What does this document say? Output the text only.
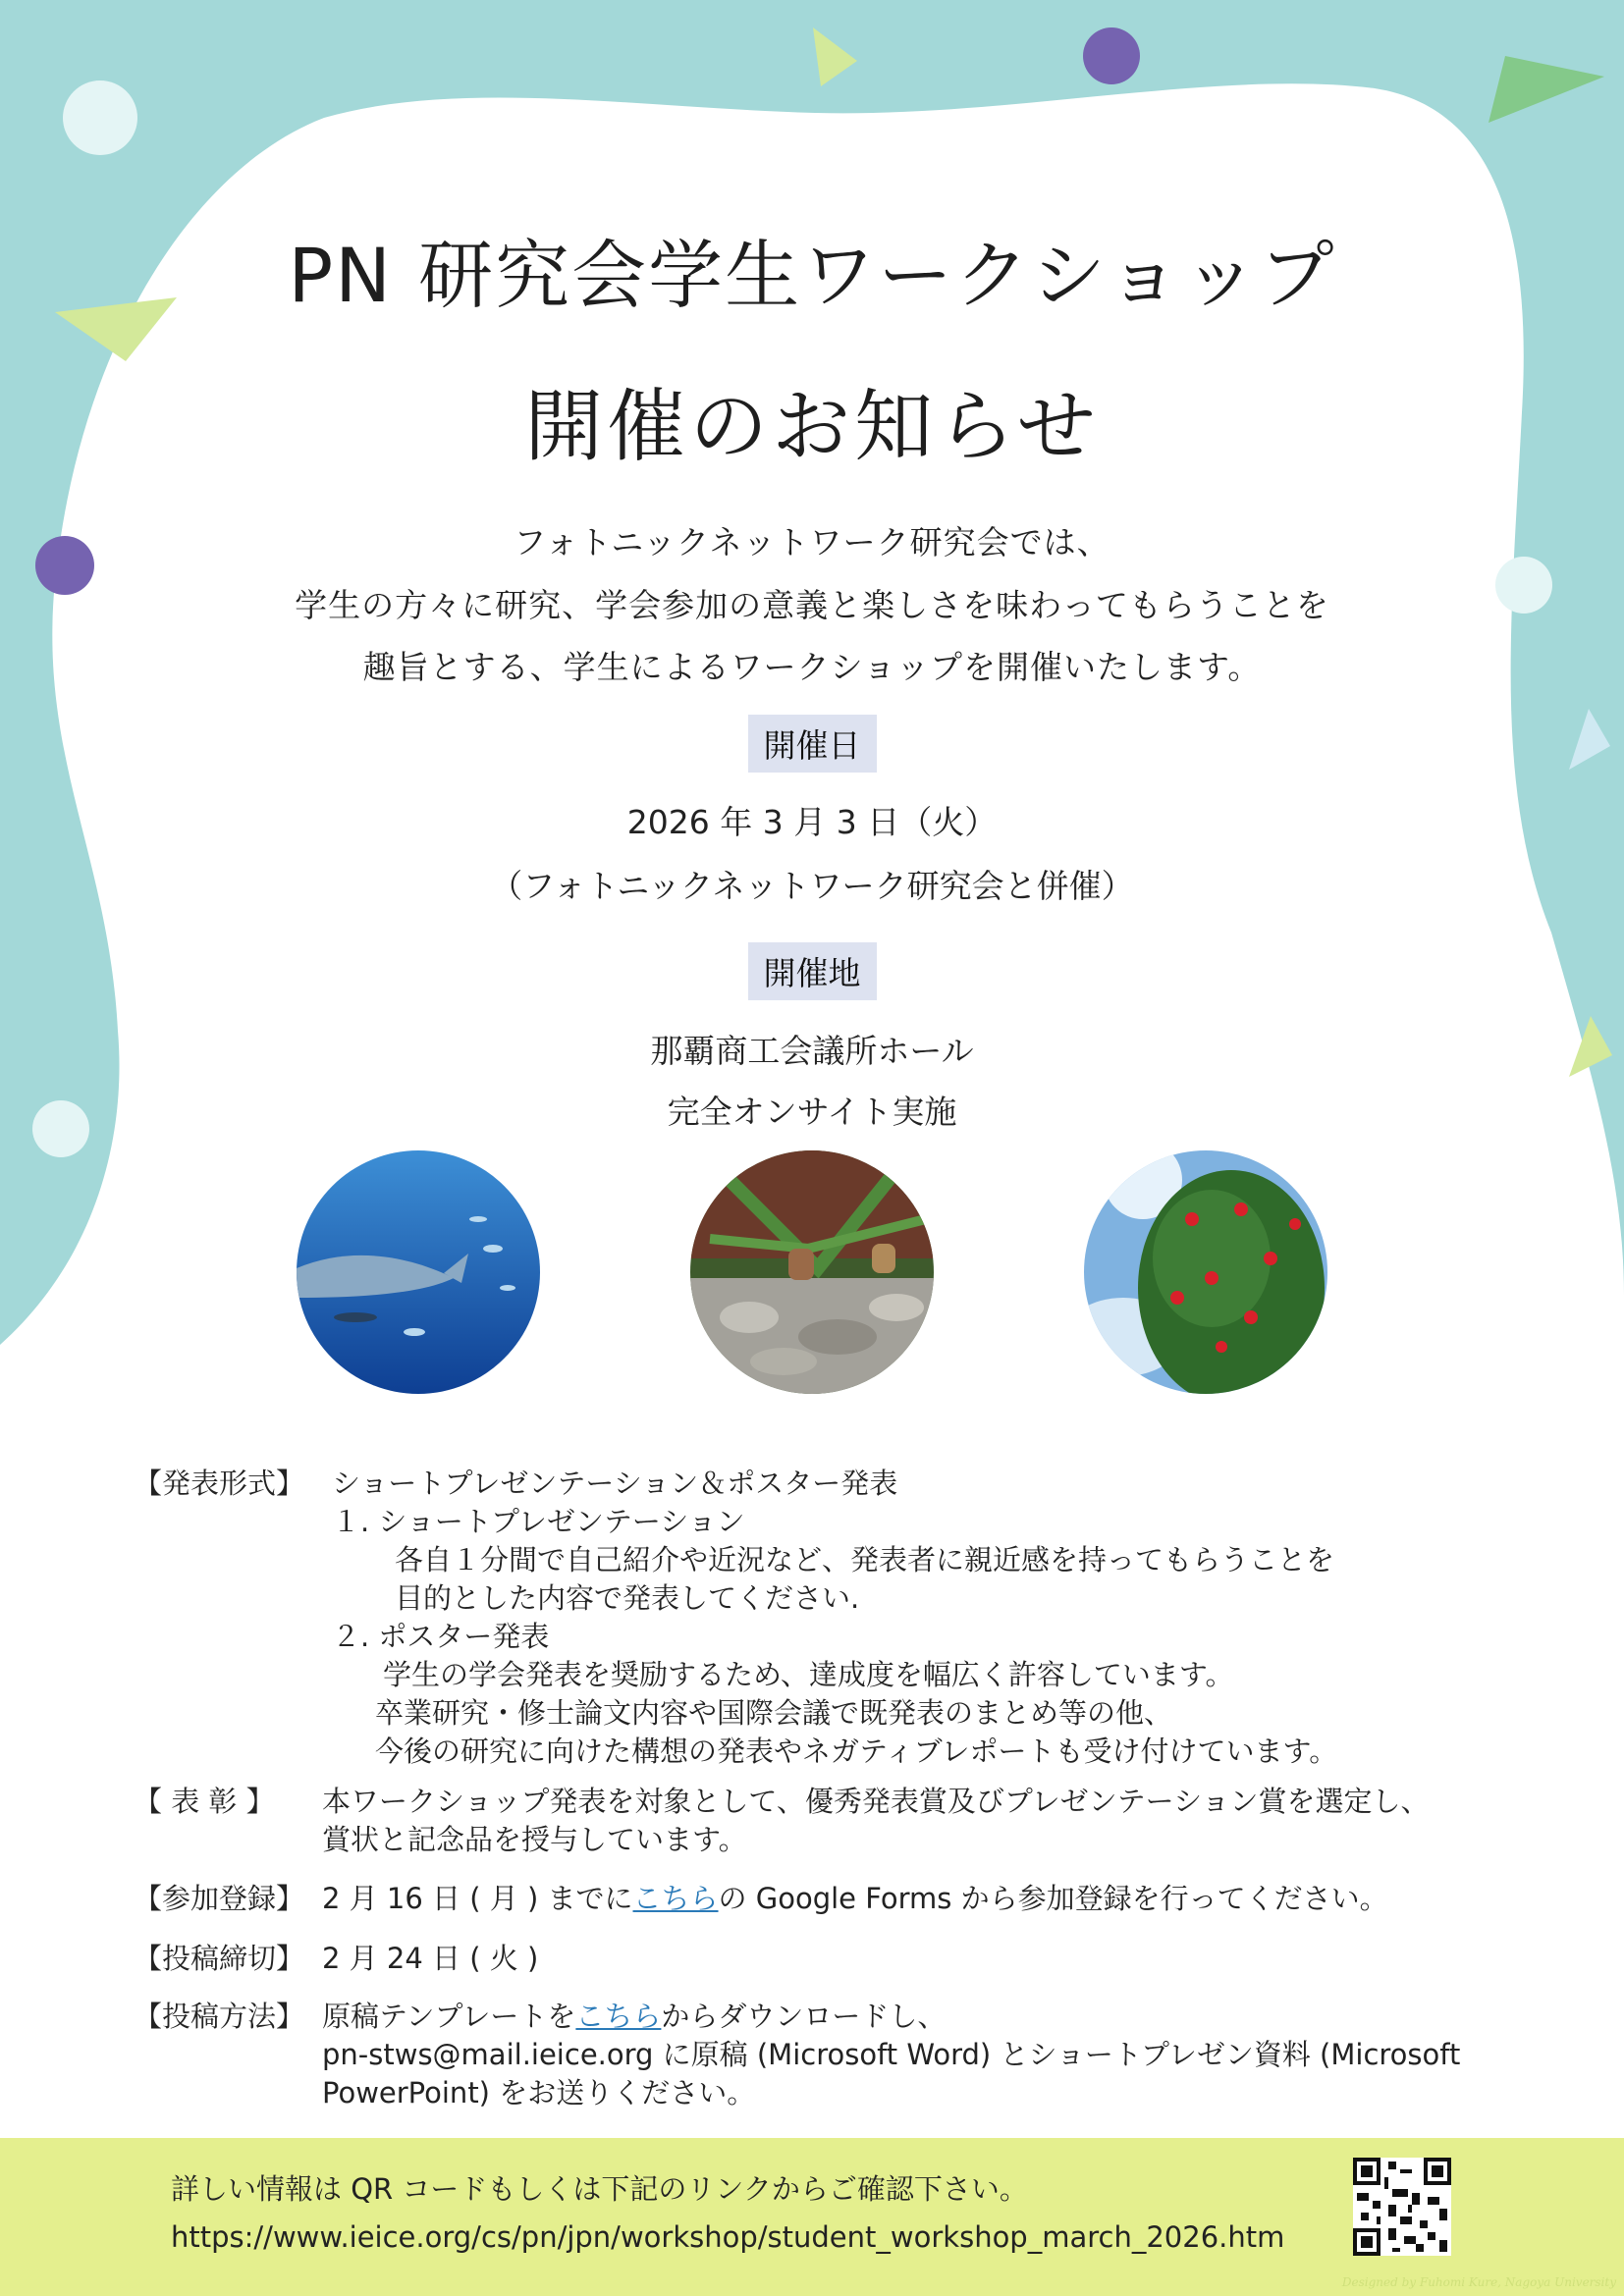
PN 研究会学生ワークショップ
開催のお知らせ
フォトニックネットワーク研究会では、
学生の方々に研究、学会参加の意義と楽しさを味わってもらうことを
趣旨とする、学生によるワークショップを開催いたします。
開催日
2026 年 3 月 3 日（火）
（フォトニックネットワーク研究会と併催）
開催地
那覇商工会議所ホール
完全オンサイト実施
【発表形式】 ショートプレゼンテーション＆ポスター発表
１. ショートプレゼンテーション
各自１分間で自己紹介や近況など、発表者に親近感を持ってもらうことを
目的とした内容で発表してください.
２. ポスター発表
学生の学会発表を奨励するため、達成度を幅広く許容しています。
卒業研究・修士論文内容や国際会議で既発表のまとめ等の他、
今後の研究に向けた構想の発表やネガティブレポートも受け付けています。
【 表 彰 】 本ワークショップ発表を対象として、優秀発表賞及びプレゼンテーション賞を選定し、
賞状と記念品を授与しています。
【参加登録】 2 月 16 日 ( 月 ) までにこちらの Google Forms から参加登録を行ってください。
【投稿締切】 2 月 24 日 ( 火 )
【投稿方法】 原稿テンプレートをこちらからダウンロードし、
pn-stws@mail.ieice.org に原稿 (Microsoft Word) とショートプレゼン資料 (Microsoft
PowerPoint) をお送りください。
詳しい情報は QR コードもしくは下記のリンクからご確認下さい。
https://www.ieice.org/cs/pn/jpn/workshop/student_workshop_march_2026.htm
Designed by Fuhomi Kure, Nagoya University
